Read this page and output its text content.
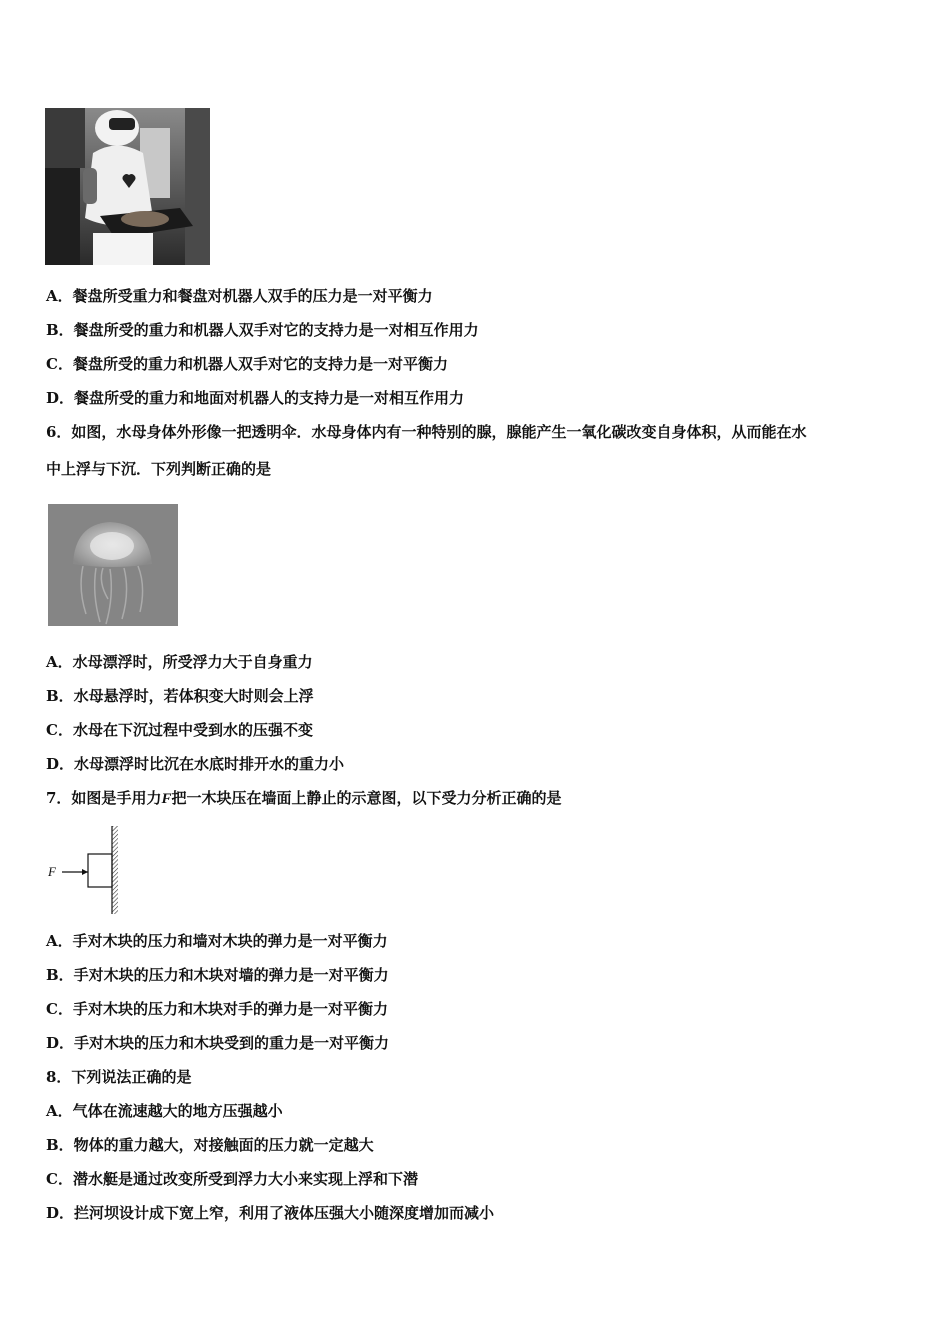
A．餐盘所受重力和餐盘对机器人双手的压力是一对平衡力
B．餐盘所受的重力和机器人双手对它的支持力是一对相互作用力
C．餐盘所受的重力和机器人双手对它的支持力是一对平衡力
D．餐盘所受的重力和地面对机器人的支持力是一对相互作用力
6．如图，水母身体外形像一把透明伞．水母身体内有一种特别的腺，腺能产生一氧化碳改变自身体积，从而能在水
中上浮与下沉．下列判断正确的是
A．水母漂浮时，所受浮力大于自身重力
B．水母悬浮时，若体积变大时则会上浮
C．水母在下沉过程中受到水的压强不变
D．水母漂浮时比沉在水底时排开水的重力小
7．如图是手用力F把一木块压在墙面上静止的示意图，以下受力分析正确的是
F
A．手对木块的压力和墙对木块的弹力是一对平衡力
B．手对木块的压力和木块对墙的弹力是一对平衡力
C．手对木块的压力和木块对手的弹力是一对平衡力
D．手对木块的压力和木块受到的重力是一对平衡力
8．下列说法正确的是
A．气体在流速越大的地方压强越小
B．物体的重力越大，对接触面的压力就一定越大
C．潜水艇是通过改变所受到浮力大小来实现上浮和下潜
D．拦河坝设计成下宽上窄，利用了液体压强大小随深度增加而减小
